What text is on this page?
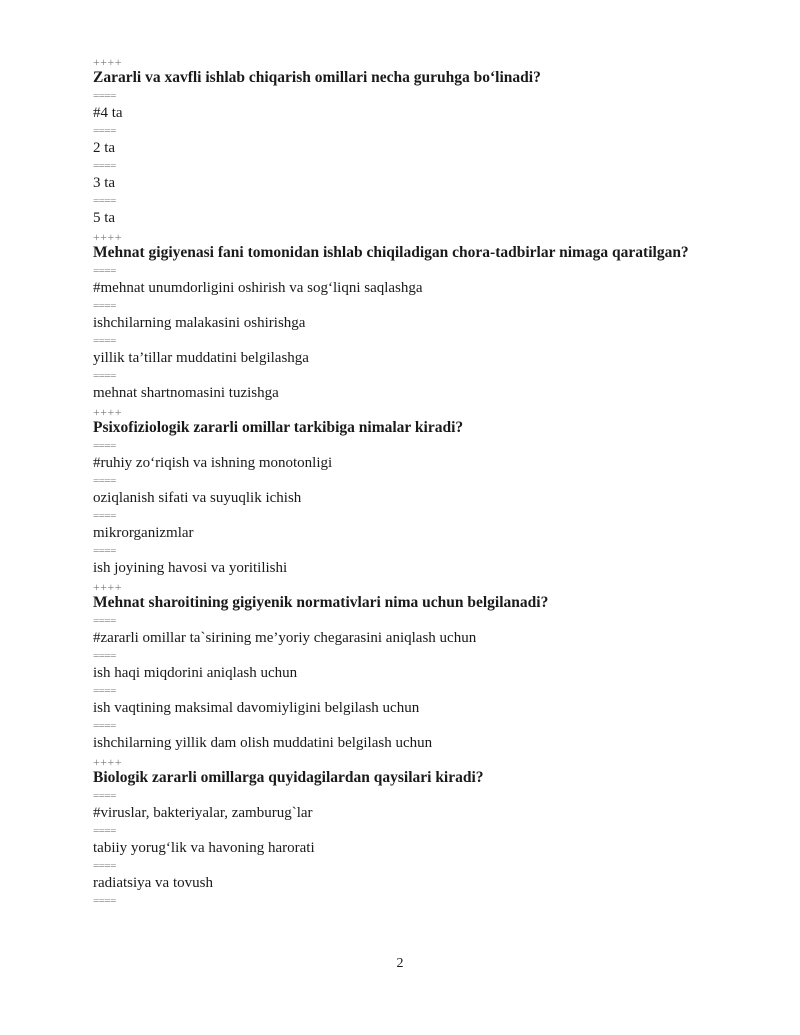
++++
Zararli va xavfli ishlab chiqarish omillari necha guruhga bo‘linadi?
====
#4 ta
====
2 ta
====
3 ta
====
5 ta
++++
Mehnat gigiyenasi fani tomonidan ishlab chiqiladigan chora-tadbirlar nimaga qaratilgan?
====
#mehnat unumdorligini oshirish va sog‘liqni saqlashga
====
ishchilarning malakasini oshirishga
====
yillik ta’tillar muddatini belgilashga
====
mehnat shartnomasini tuzishga
++++
Psixofiziologik zararli omillar tarkibiga nimalar kiradi?
====
#ruhiy zo‘riqish va ishning monotonligi
====
oziqlanish sifati va suyuqlik ichish
====
mikrorganizmlar
====
ish joyining havosi va yoritilishi
++++
Mehnat sharoitining gigiyenik normativlari nima uchun belgilanadi?
====
#zararli omillar ta`sirining me’yoriy chegarasini aniqlash uchun
====
ish haqi miqdorini aniqlash uchun
====
ish vaqtining maksimal davomiyligini belgilash uchun
====
ishchilarning yillik dam olish muddatini belgilash uchun
++++
Biologik zararli omillarga quyidagilardan qaysilari kiradi?
====
#viruslar, bakteriyalar, zamburug`lar
====
tabiiy yorug‘lik va havoning harorati
====
radiatsiya va tovush
====
2
